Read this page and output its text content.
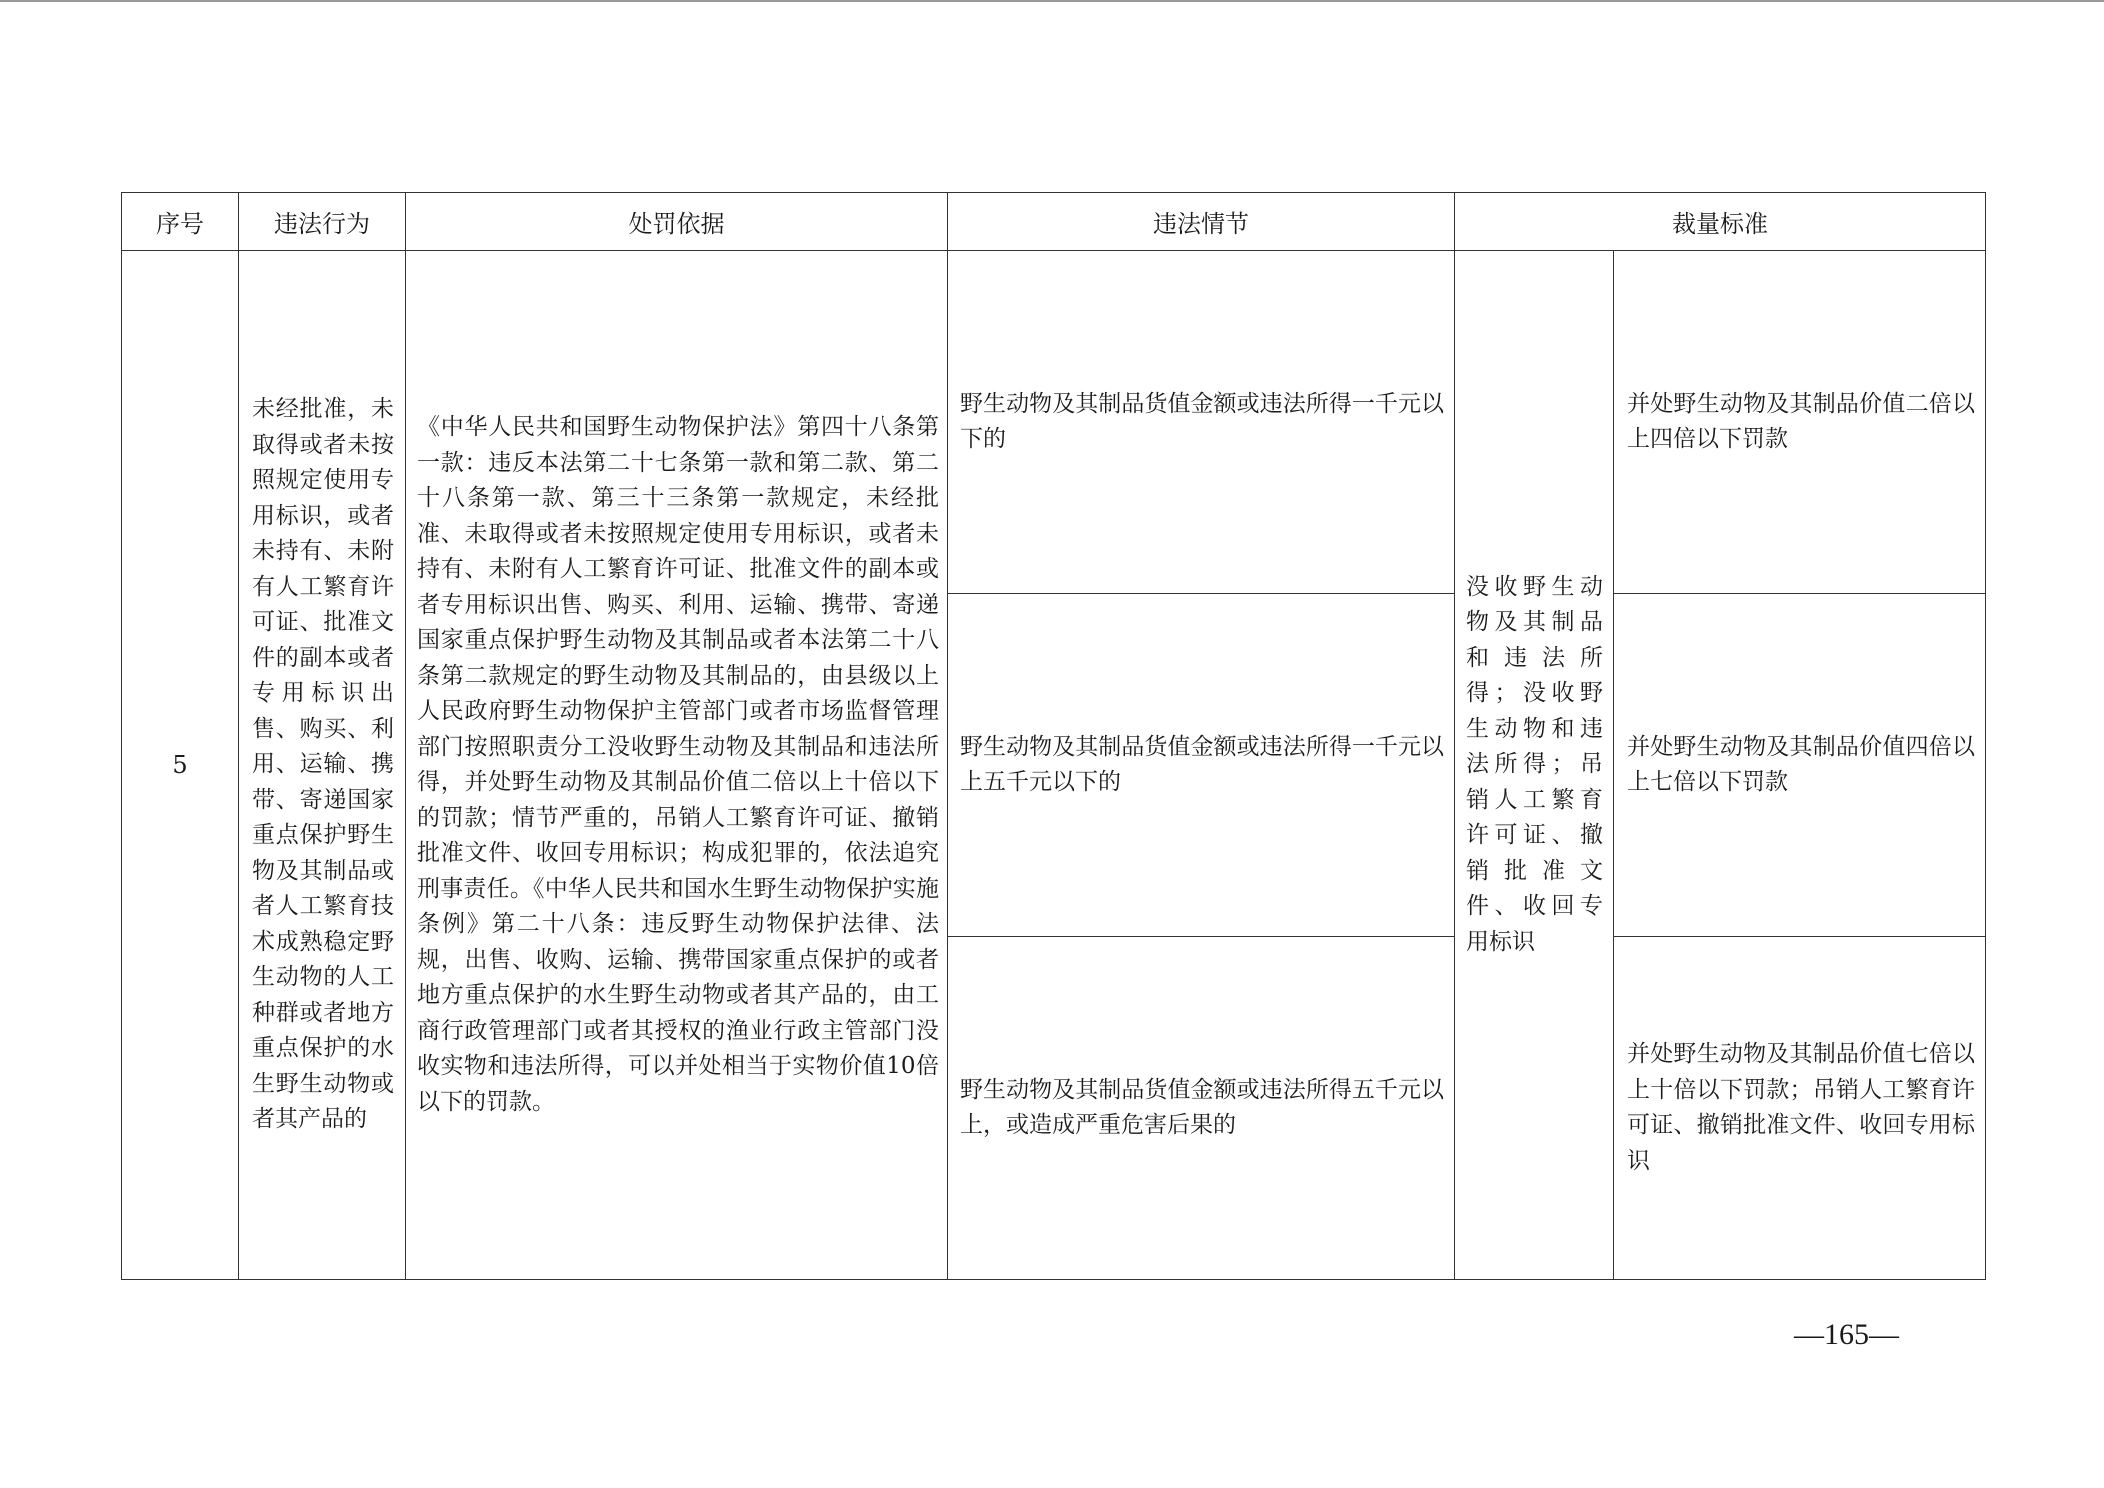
序号	违法行为	处罚依据	违法情节	裁量标准	
5	未经批准，未取得或者未按照规定使用专用标识，或者未持有、未附有人工繁育许可证、批准文件的副本或者专用标识出售、购买、利用、运输、携带、寄递国家重点保护野生物及其制品或者人工繁育技术成熟稳定野生动物的人工种群或者地方重点保护的水生野生动物或者其产品的	《中华人民共和国野生动物保护法》第四十八条第一款：违反本法第二十七条第一款和第二款、第二十八条第一款、第三十三条第一款规定，未经批准、未取得或者未按照规定使用专用标识，或者未持有、未附有人工繁育许可证、批准文件的副本或者专用标识出售、购买、利用、运输、携带、寄递国家重点保护野生动物及其制品或者本法第二十八条第二款规定的野生动物及其制品的，由县级以上人民政府野生动物保护主管部门或者市场监督管理部门按照职责分工没收野生动物及其制品和违法所得，并处野生动物及其制品价值二倍以上十倍以下的罚款；情节严重的，吊销人工繁育许可证、撤销批准文件、收回专用标识；构成犯罪的，依法追究刑事责任。《中华人民共和国水生野生动物保护实施条例》第二十八条：违反野生动物保护法律、法规，出售、收购、运输、携带国家重点保护的或者地方重点保护的水生野生动物或者其产品的，由工商行政管理部门或者其授权的渔业行政主管部门没收实物和违法所得，可以并处相当于实物价值10倍以下的罚款。	野生动物及其制品货值金额或违法所得一千元以下的	没收野生动物及其制品和违法所得；没收野生动物和违法所得；吊销人工繁育许可证、撤销批准文件、收回专用标识	并处野生动物及其制品价值二倍以上四倍以下罚款
			野生动物及其制品货值金额或违法所得一千元以上五千元以下的		并处野生动物及其制品价值四倍以上七倍以下罚款
			野生动物及其制品货值金额或违法所得五千元以上，或造成严重危害后果的		并处野生动物及其制品价值七倍以上十倍以下罚款；吊销人工繁育许可证、撤销批准文件、收回专用标识
—165—
